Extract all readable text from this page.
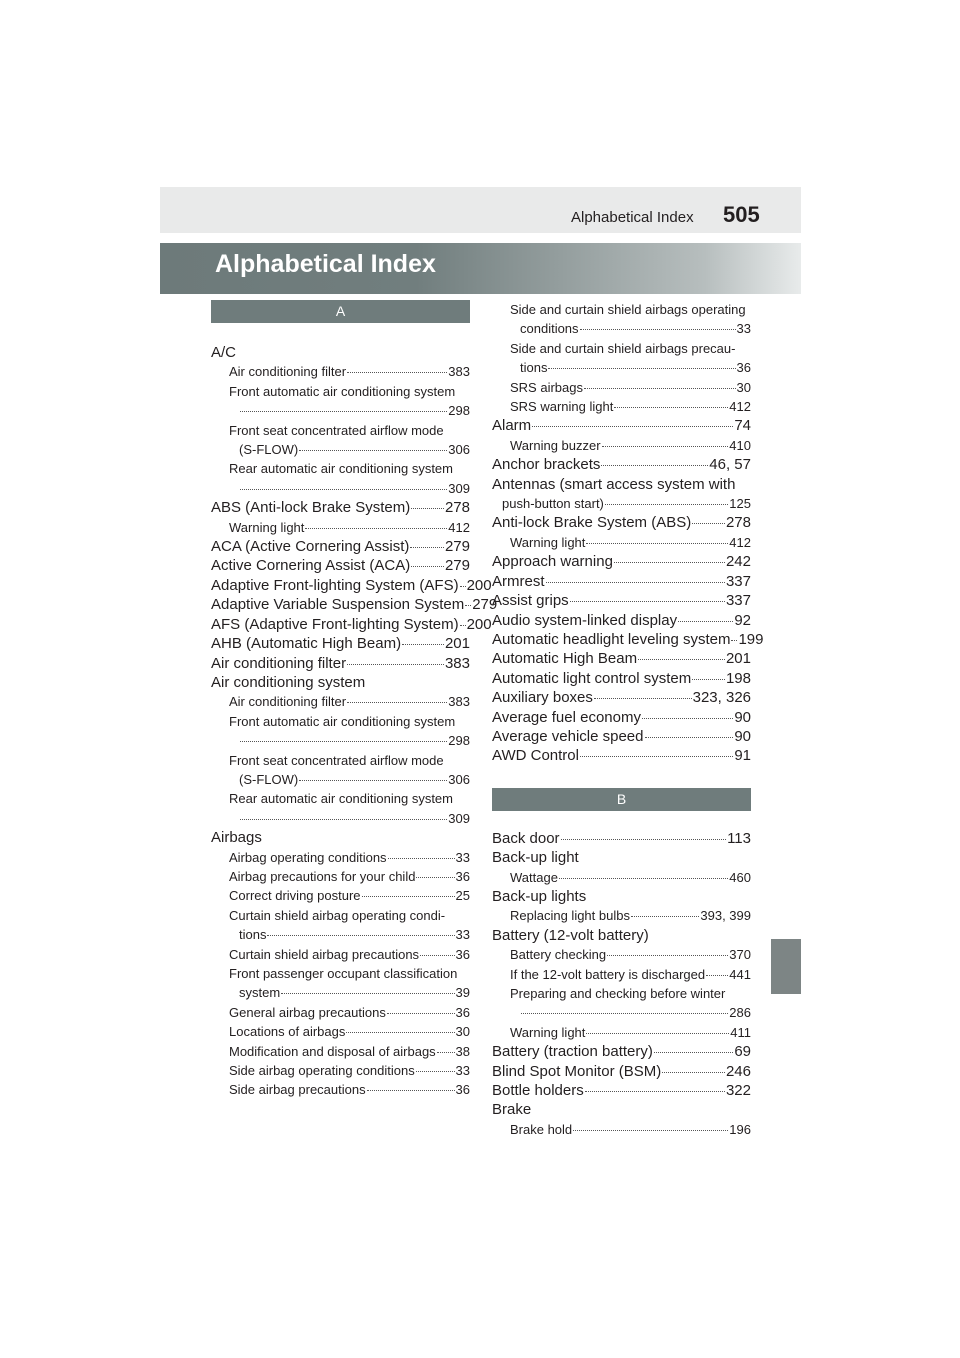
Alphabetical Index 505
Alphabetical Index
A
A/C
Air conditioning filter	383
Front automatic air conditioning system
298
Front seat concentrated airflow mode
(S-FLOW)	306
Rear automatic air conditioning system
309
ABS (Anti-lock Brake System) 278
Warning light	412
ACA (Active Cornering Assist) 279
Active Cornering Assist (ACA) 279
Adaptive Front-lighting System (AFS) 200
Adaptive Variable Suspension System 279
AFS (Adaptive Front-lighting System) 200
AHB (Automatic High Beam)	201
Air conditioning filter	383
Air conditioning system
Air conditioning filter	383
Front automatic air conditioning system
298
Front seat concentrated airflow mode
(S-FLOW)	306
Rear automatic air conditioning system
309
Airbags
Airbag operating conditions	33
Airbag precautions for your child	36
Correct driving posture	25
Curtain shield airbag operating condi-
tions	33
Curtain shield airbag precautions	36
Front passenger occupant classification
system	39
General airbag precautions	36
Locations of airbags	30
Modification and disposal of airbags 38
Side airbag operating conditions	33
Side airbag precautions	36
Side and curtain shield airbags operating
conditions	33
Side and curtain shield airbags precau-
tions	36
SRS airbags	30
SRS warning light	412
Alarm	74
Warning buzzer	410
Anchor brackets	46, 57
Antennas (smart access system with
push-button start)	125
Anti-lock Brake System (ABS) 278
Warning light	412
Approach warning	242
Armrest	337
Assist grips	337
Audio system-linked display	92
Automatic headlight leveling system 199
Automatic High Beam	201
Automatic light control system 198
Auxiliary boxes	323, 326
Average fuel economy	90
Average vehicle speed	90
AWD Control	91
B
Back door	113
Back-up light
Wattage	460
Back-up lights
Replacing light bulbs	393, 399
Battery (12-volt battery)
Battery checking	370
If the 12-volt battery is discharged 441
Preparing and checking before winter
286
Warning light	411
Battery (traction battery)	69
Blind Spot Monitor (BSM)	246
Bottle holders	322
Brake
Brake hold	196
